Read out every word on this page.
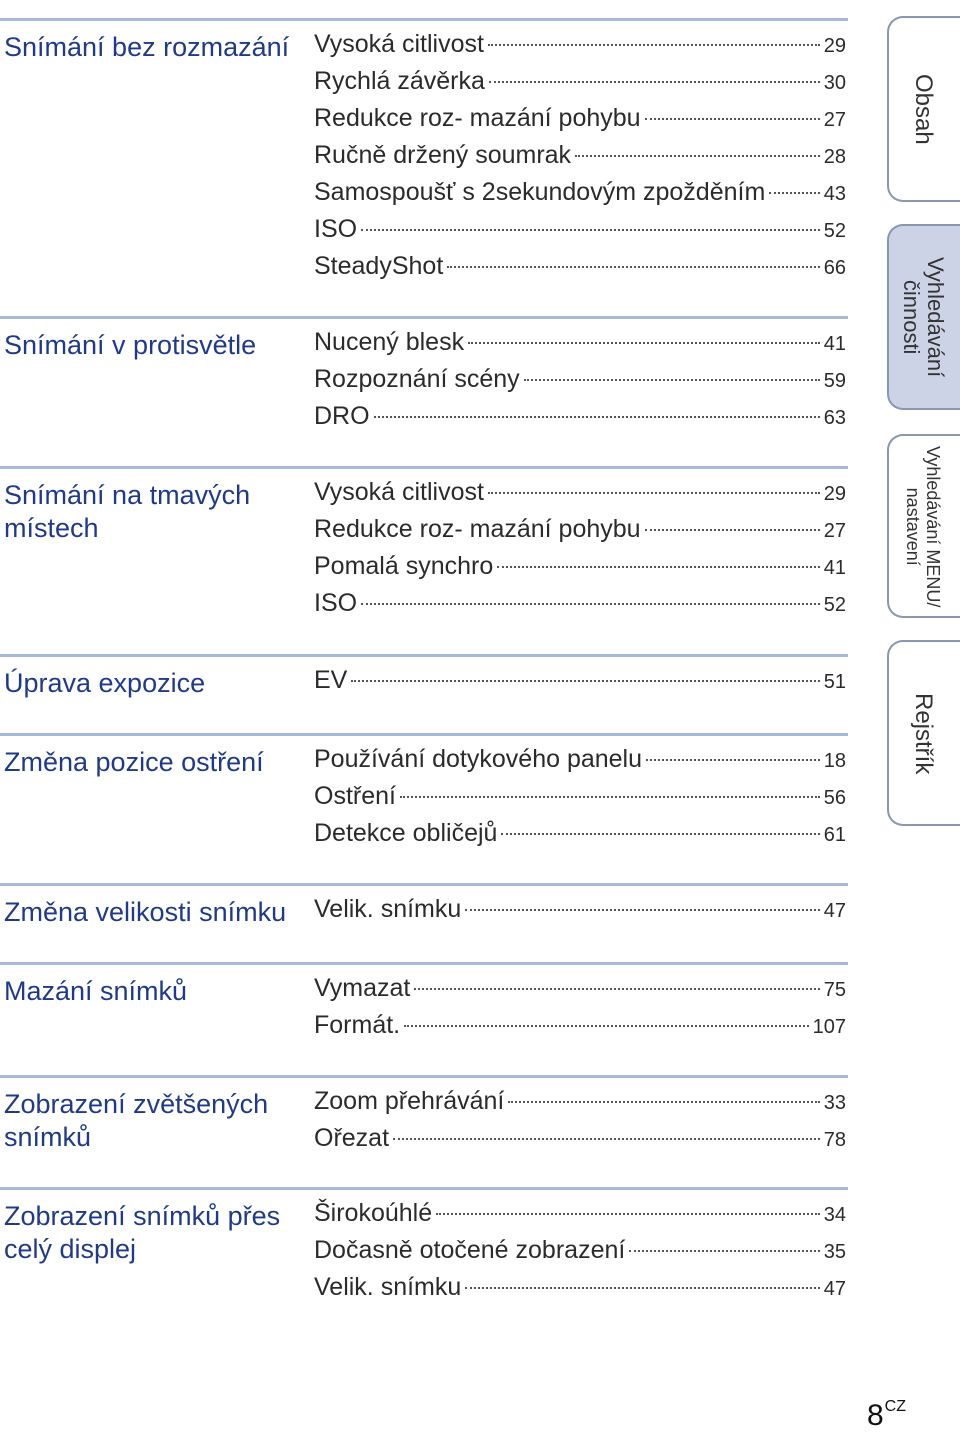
Snímání bez rozmazání Vysoká citlivost	29
Rychlá závěrka	30
Redukce roz- mazání pohybu	27
Ručně držený soumrak	28
Samospoušť s 2sekundovým zpožděním	43
ISO	52
SteadyShot	66
Snímání v protisvětle	Nucený blesk	41
Rozpoznání scény	59
DRO	63
Snímání na tmavých místech
Vysoká citlivost	29
Redukce roz- mazání pohybu	27
Pomalá synchro	41
ISO	52
Úprava expozice	EV	51
Změna pozice ostření	Používání dotykového panelu	18
Ostření	56
Detekce obličejů	61
Změna velikosti snímku	Velik. snímku	47
Mazání snímků	Vymazat	75
Formát.	107
Zobrazení zvětšených snímků
Zoom přehrávání	33
Ořezat	78
Zobrazení snímků přes celý displej
Širokoúhlé	34
Dočasně otočené zobrazení	35
Velik. snímku	47
Obsah
Vyhledávání
činnosti
Vyhledávání MENU/
nastavení
Rejstřík
$8^{CZ}$
